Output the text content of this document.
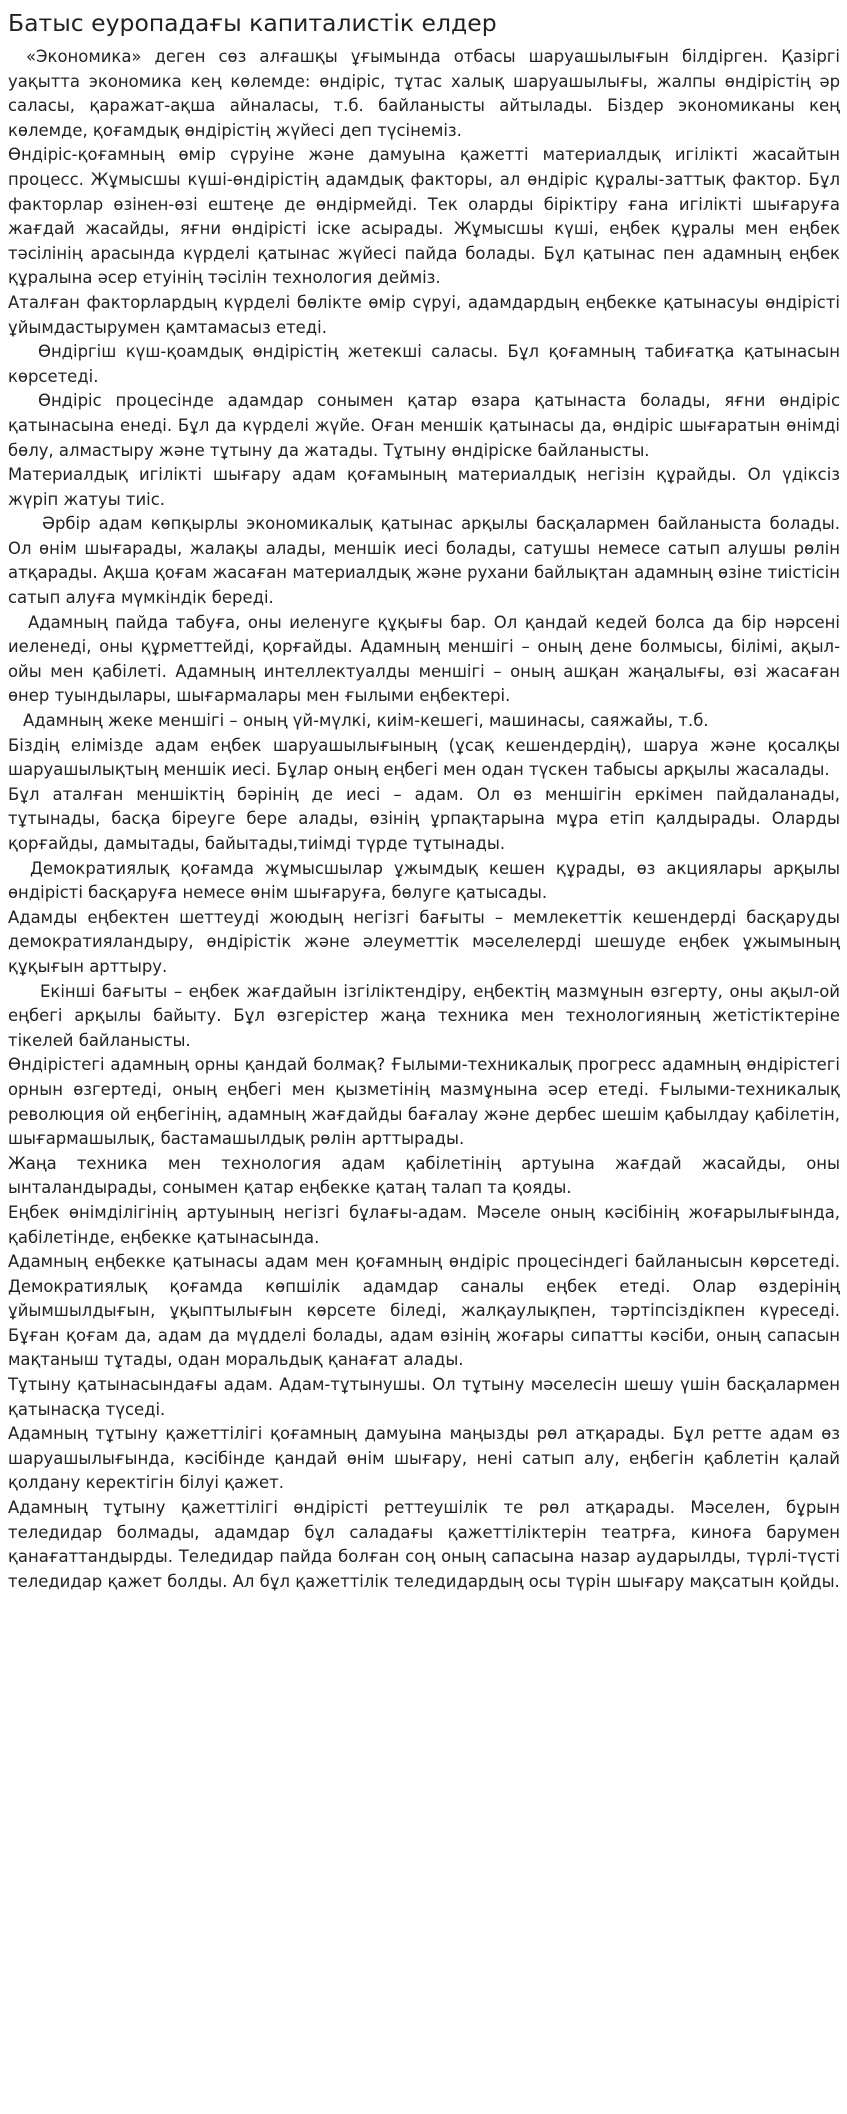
Батыс еуропадағы капиталистік елдер

«Экономика» деген сөз алғашқы ұғымында отбасы шаруашылығын білдірген. Қазіргі уақытта экономика кең көлемде: өндіріс, тұтас халық шаруашылығы, жалпы өндірістің әр саласы, қаражат-ақша айналасы, т.б. байланысты айтылады. Біздер экономиканы кең көлемде, қоғамдық өндірістің жүйесі деп түсінеміз.

Өндіріс-қоғамның өмір сүруіне және дамуына қажетті материалдық игілікті жасайтын процесс. Жұмысшы күші-өндірістің адамдық факторы, ал өндіріс құралы-заттық фактор. Бұл факторлар өзінен-өзі ештеңе де өндірмейді. Тек оларды біріктіру ғана игілікті шығаруға жағдай жасайды, яғни өндірісті іске асырады. Жұмысшы күші, еңбек құралы мен еңбек тәсілінің арасында күрделі қатынас жүйесі пайда болады. Бұл қатынас пен адамның еңбек құралына әсер етуінің тәсілін технология дейміз.

Аталған факторлардың күрделі бөлікте өмір сүруі, адамдардың еңбекке қатынасуы өндірісті ұйымдастырумен қамтамасыз етеді.

Өндіргіш күш-қоамдық өндірістің жетекші саласы. Бұл қоғамның табиғатқа қатынасын көрсетеді.

Өндіріс процесінде адамдар сонымен қатар өзара қатынаста болады, яғни өндіріс қатынасына енеді. Бұл да күрделі жүйе. Оған меншік қатынасы да, өндіріс шығаратын өнімді бөлу, алмастыру және тұтыну да жатады. Тұтыну өндіріске байланысты.

Материалдық игілікті шығару адам қоғамының материалдық негізін құрайды. Ол үдіксіз жүріп жатуы тиіс.

Әрбір адам көпқырлы экономикалық қатынас арқылы басқалармен байланыста болады. Ол өнім шығарады, жалақы алады, меншік иесі болады, сатушы немесе сатып алушы рөлін атқарады. Ақша қоғам жасаған материалдық және рухани байлықтан адамның өзіне тиістісін сатып алуға мүмкіндік береді.

Адамның пайда табуға, оны иеленуге құқығы бар. Ол қандай кедей болса да бір нәрсені иеленеді, оны құрметтейді, қорғайды. Адамның меншігі – оның дене болмысы, білімі, ақыл-ойы мен қабілеті. Адамның интеллектуалды меншігі – оның ашқан жаңалығы, өзі жасаған өнер туындылары, шығармалары мен ғылыми еңбектері.

Адамның жеке меншігі – оның үй-мүлкі, киім-кешегі, машинасы, саяжайы, т.б.

Біздің елімізде адам еңбек шаруашылығының (ұсақ кешендердің), шаруа және қосалқы шаруашылықтың меншік иесі. Бұлар оның еңбегі мен одан түскен табысы арқылы жасалады.

Бұл аталған меншіктің бәрінің де иесі – адам. Ол өз меншігін еркімен пайдаланады, тұтынады, басқа біреуге бере алады, өзінің ұрпақтарына мұра етіп қалдырады. Оларды қорғайды, дамытады, байытады,тиімді түрде тұтынады.

Демократиялық қоғамда жұмысшылар ұжымдық кешен құрады, өз акциялары арқылы өндірісті басқаруға немесе өнім шығаруға, бөлуге қатысады.

Адамды еңбектен шеттеуді жоюдың негізгі бағыты – мемлекеттік кешендерді басқаруды демократияландыру, өндірістік және әлеуметтік мәселелерді шешуде еңбек ұжымының құқығын арттыру.

Екінші бағыты – еңбек жағдайын ізгіліктендіру, еңбектің мазмұнын өзгерту, оны ақыл-ой еңбегі арқылы байыту. Бұл өзгерістер жаңа техника мен технологияның жетістіктеріне тікелей байланысты.

Өндірістегі адамның орны қандай болмақ? Ғылыми-техникалық прогресс адамның өндірістегі орнын өзгертеді, оның еңбегі мен қызметінің мазмұнына әсер етеді. Ғылыми-техникалық революция ой еңбегінің, адамның жағдайды бағалау және дербес шешім қабылдау қабілетін, шығармашылық, бастамашылдық рөлін арттырады.

Жаңа техника мен технология адам қабілетінің артуына жағдай жасайды, оны ынталандырады, сонымен қатар еңбекке қатаң талап та қояды.

Еңбек өнімділігінің артуының негізгі бұлағы-адам. Мәселе оның кәсібінің жоғарылығында, қабілетінде, еңбекке қатынасында.

Адамның еңбекке қатынасы адам мен қоғамның өндіріс процесіндегі байланысын көрсетеді. Демократиялық қоғамда көпшілік адамдар саналы еңбек етеді. Олар өздерінің ұйымшылдығын, ұқыптылығын көрсете біледі, жалқаулықпен, тәртіпсіздікпен күреседі. Бұған қоғам да, адам да мүдделі болады, адам өзінің жоғары сипатты кәсіби, оның сапасын мақтаныш тұтады, одан моральдық қанағат алады.

Тұтыну қатынасындағы адам. Адам-тұтынушы. Ол тұтыну мәселесін шешу үшін басқалармен қатынасқа түседі.

Адамның тұтыну қажеттілігі қоғамның дамуына маңызды рөл атқарады. Бұл ретте адам өз шаруашылығында, кәсібінде қандай өнім шығару, нені сатып алу, еңбегін қаблетін қалай қолдану керектігін білуі қажет.

Адамның тұтыну қажеттілігі өндірісті реттеушілік те рөл атқарады. Мәселен, бұрын теледидар болмады, адамдар бұл саладағы қажеттіліктерін театрға, киноға барумен қанағаттандырды. Теледидар пайда болған соң оның сапасына назар аударылды, түрлі-түсті теледидар қажет болды. Ал бұл қажеттілік теледидардың осы түрін шығару мақсатын қойды.
